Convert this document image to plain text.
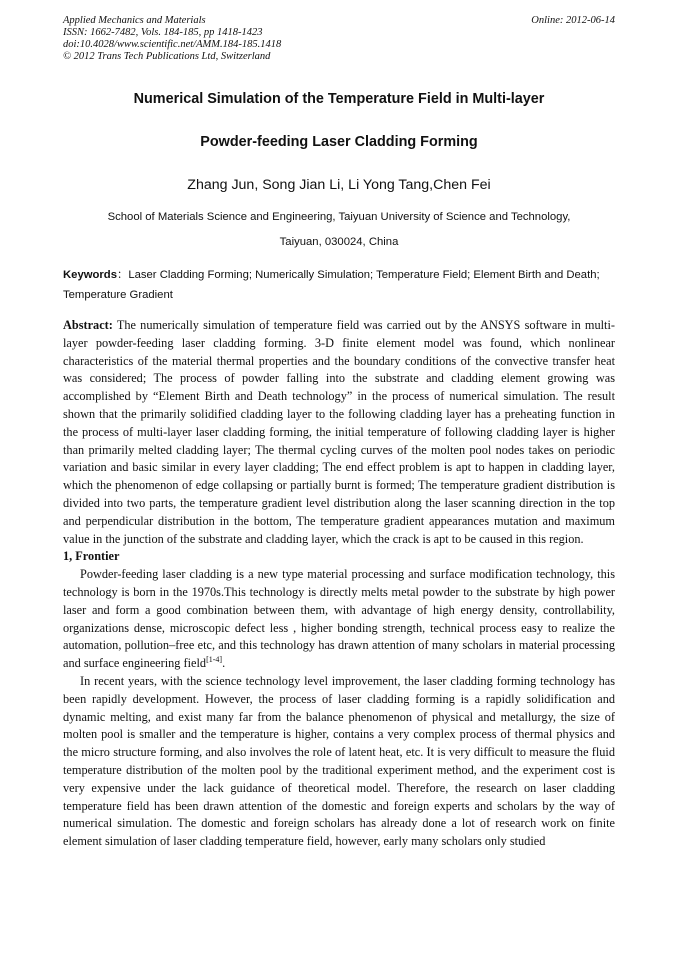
Applied Mechanics and Materials
ISSN: 1662-7482, Vols. 184-185, pp 1418-1423
doi:10.4028/www.scientific.net/AMM.184-185.1418
© 2012 Trans Tech Publications Ltd, Switzerland
Online: 2012-06-14
Numerical Simulation of the Temperature Field in Multi-layer
Powder-feeding Laser Cladding Forming
Zhang Jun, Song Jian Li, Li Yong Tang,Chen Fei
School of Materials Science and Engineering, Taiyuan University of Science and Technology,
Taiyuan, 030024, China
Keywords：Laser Cladding Forming; Numerically Simulation; Temperature Field; Element Birth and Death; Temperature Gradient

Abstract: The numerically simulation of temperature field was carried out by the ANSYS software in multi-layer powder-feeding laser cladding forming. 3-D finite element model was found, which nonlinear characteristics of the material thermal properties and the boundary conditions of the convective transfer heat was considered; The process of powder falling into the substrate and cladding element growing was accomplished by “Element Birth and Death technology” in the process of numerical simulation. The result shown that the primarily solidified cladding layer to the following cladding layer has a preheating function in the process of multi-layer laser cladding forming, the initial temperature of following cladding layer is higher than primarily melted cladding layer; The thermal cycling curves of the molten pool nodes takes on periodic variation and basic similar in every layer cladding; The end effect problem is apt to happen in cladding layer, which the phenomenon of edge collapsing or partially burnt is formed; The temperature gradient distribution is divided into two parts, the temperature gradient level distribution along the laser scanning direction in the top and perpendicular distribution in the bottom, The temperature gradient appearances mutation and maximum value in the junction of the substrate and cladding layer, which the crack is apt to be caused in this region.

1, Frontier

Powder-feeding laser cladding is a new type material processing and surface modification technology, this technology is born in the 1970s.This technology is directly melts metal powder to the substrate by high power laser and form a good combination between them, with advantage of high energy density, controllability, organizations dense, microscopic defect less , higher bonding strength, technical process easy to realize the automation, pollution–free etc, and this technology has drawn attention of many scholars in material processing and surface engineering field[1-4].

In recent years, with the science technology level improvement, the laser cladding forming technology has been rapidly development. However, the process of laser cladding forming is a rapidly solidification and dynamic melting, and exist many far from the balance phenomenon of physical and metallurgy, the size of molten pool is smaller and the temperature is higher, contains a very complex process of thermal physics and the micro structure forming, and also involves the role of latent heat, etc. It is very difficult to measure the fluid temperature distribution of the molten pool by the traditional experiment method, and the experiment cost is very expensive under the lack guidance of theoretical model. Therefore, the research on laser cladding temperature field has been drawn attention of the domestic and foreign experts and scholars by the way of numerical simulation. The domestic and foreign scholars has already done a lot of research work on finite element simulation of laser cladding temperature field, however, early many scholars only studied
